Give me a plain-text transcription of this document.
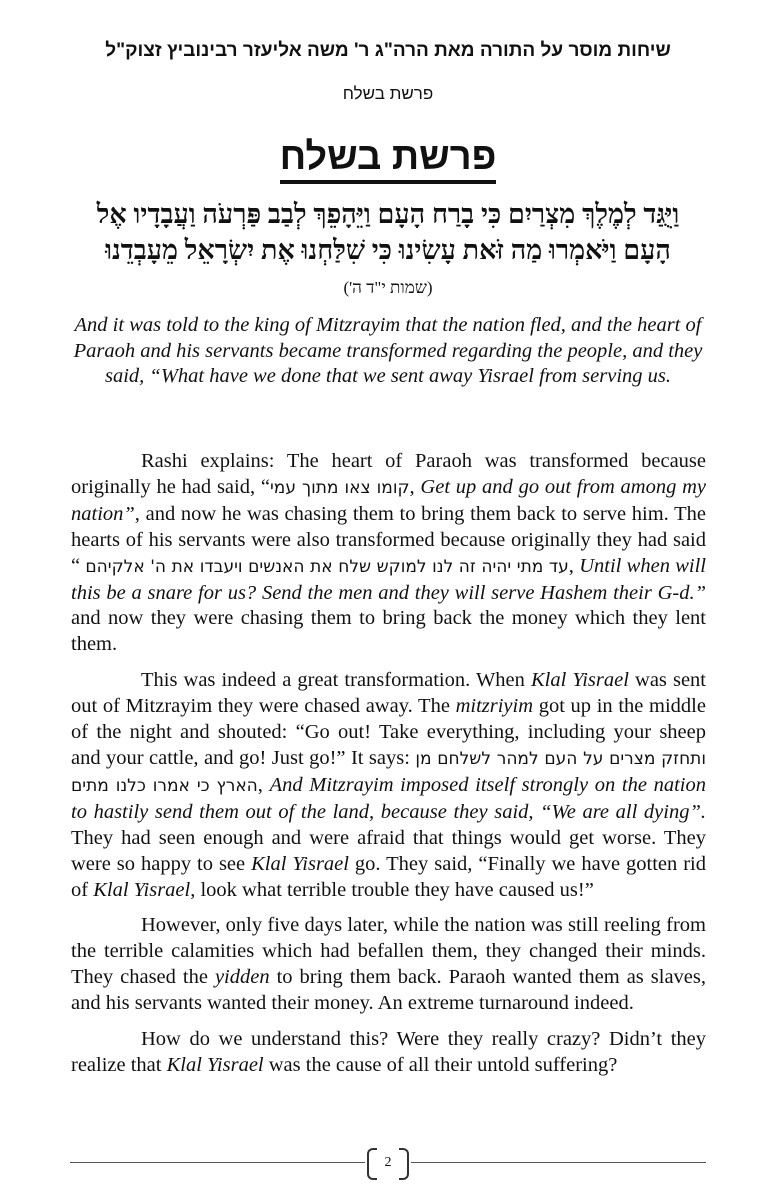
שיחות מוסר על התורה מאת הרה"ג ר' משה אליעזר רבינוביץ זצוק"ל
פרשת בשלח
פרשת בשלח
וַיֻּגַּד לְמֶלֶךְ מִצְרַיִם כִּי בָרַח הָעָם וַיֵּהָפֵךְ לְבַב פַּרְעֹה וַעֲבָדָיו אֶל
הָעָם וַיֹּאמְרוּ מַה זֹּאת עָשִׂינוּ כִּי שִׁלַּחְנוּ אֶת יִשְׂרָאֵל מֵעָבְדֵנוּ
(שמות י"ד ה')
And it was told to the king of Mitzrayim that the nation fled, and the heart of Paraoh and his servants became transformed regarding the people, and they said, “What have we done that we sent away Yisrael from serving us.

Rashi explains: The heart of Paraoh was transformed because originally he had said, “קומו צאו מתוך עמי, Get up and go out from among my nation”, and now he was chasing them to bring them back to serve him. The hearts of his servants were also transformed because originally they had said “ עד מתי יהיה זה לנו למוקש שלח את האנשים ויעבדו את ה' אלקיהם, Until when will this be a snare for us? Send the men and they will serve Hashem their G-d.” and now they were chasing them to bring back the money which they lent them.

This was indeed a great transformation. When Klal Yisrael was sent out of Mitzrayim they were chased away. The mitzriyim got up in the middle of the night and shouted: “Go out! Take everything, including your sheep and your cattle, and go! Just go!” It says: ותחזק מצרים על העם למהר לשלחם מן הארץ כי אמרו כלנו מתים, And Mitzrayim imposed itself strongly on the nation to hastily send them out of the land, because they said, “We are all dying”. They had seen enough and were afraid that things would get worse. They were so happy to see Klal Yisrael go. They said, “Finally we have gotten rid of Klal Yisrael, look what terrible trouble they have caused us!”

However, only five days later, while the nation was still reeling from the terrible calamities which had befallen them, they changed their minds. They chased the yidden to bring them back. Paraoh wanted them as slaves, and his servants wanted their money. An extreme turnaround indeed.

How do we understand this? Were they really crazy? Didn’t they realize that Klal Yisrael was the cause of all their untold suffering?

2
